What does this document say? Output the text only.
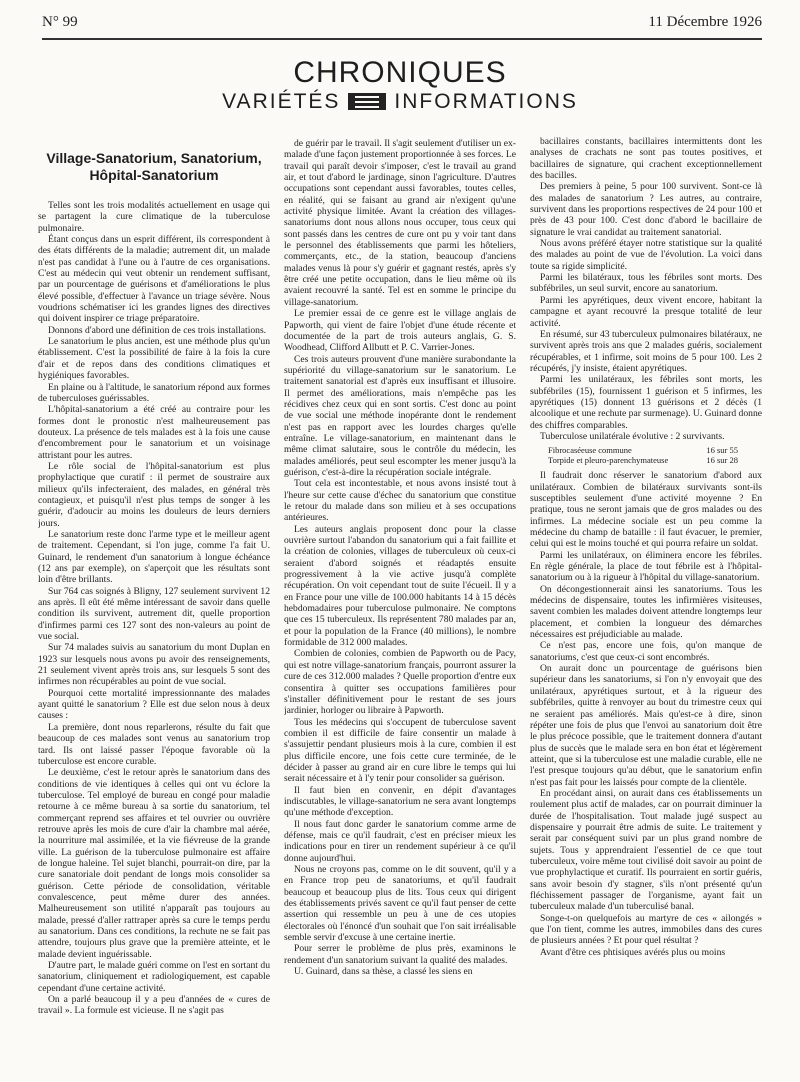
N° 99	11 Décembre 1926
CHRONIQUES
VARIÉTÉS	INFORMATIONS
Village-Sanatorium, Sanatorium,
Hôpital-Sanatorium

Telles sont les trois modalités actuellement en usage qui se partagent la cure climatique de la tuberculose pulmonaire.

Étant conçus dans un esprit différent, ils correspondent à des états différents de la maladie; autrement dit, un malade n'est pas candidat à l'une ou à l'autre de ces organisations. C'est au médecin qui veut obtenir un rendement suffisant, par un pourcentage de guérisons et d'améliorations le plus élevé possible, d'effectuer à l'avance un triage sévère. Nous voudrions schématiser ici les grandes lignes des directives qui doivent inspirer ce triage préparatoire.

Donnons d'abord une définition de ces trois installations.

Le sanatorium le plus ancien, est une méthode plus qu'un établissement. C'est la possibilité de faire à la fois la cure d'air et de repos dans des conditions climatiques et hygiéniques favorables.

En plaine ou à l'altitude, le sanatorium répond aux formes de tuberculoses guérissables.

L'hôpital-sanatorium a été créé au contraire pour les formes dont le pronostic n'est malheureusement pas douteux. La présence de tels malades est à la fois une cause d'encombrement pour le sanatorium et un voisinage attristant pour les autres.

Le rôle social de l'hôpital-sanatorium est plus prophylactique que curatif : il permet de soustraire aux milieux qu'ils infecteraient, des malades, en général très contagieux, et puisqu'il n'est plus temps de songer à les guérir, d'adoucir au moins les douleurs de leurs derniers jours.

Le sanatorium reste donc l'arme type et le meilleur agent de traitement. Cependant, si l'on juge, comme l'a fait U. Guinard, le rendement d'un sanatorium à longue échéance (12 ans par exemple), on s'aperçoit que les résultats sont loin d'être brillants.

Sur 764 cas soignés à Bligny, 127 seulement survivent 12 ans après. Il eût été même intéressant de savoir dans quelle condition ils survivent, autrement dit, quelle proportion d'infirmes parmi ces 127 sont des non-valeurs au point de vue social.

Sur 74 malades suivis au sanatorium du mont Duplan en 1923 sur lesquels nous avons pu avoir des renseignements, 21 seulement vivent après trois ans, sur lesquels 5 sont des infirmes non récupérables au point de vue social.

Pourquoi cette mortalité impressionnante des malades ayant quitté le sanatorium ? Elle est due selon nous à deux causes :

La première, dont nous reparlerons, résulte du fait que beaucoup de ces malades sont venus au sanatorium trop tard. Ils ont laissé passer l'époque favorable où la tuberculose est encore curable.

Le deuxième, c'est le retour après le sanatorium dans des conditions de vie identiques à celles qui ont vu éclore la tuberculose. Tel employé de bureau en congé pour maladie retourne à ce même bureau à sa sortie du sanatorium, tel commerçant reprend ses affaires et tel ouvrier ou ouvrière retrouve après les mois de cure d'air la chambre mal aérée, la nourriture mal assimilée, et la vie fiévreuse de la grande ville. La guérison de la tuberculose pulmonaire est affaire de longue haleine. Tel sujet blanchi, pourrait-on dire, par la cure sanatoriale doit pendant de longs mois consolider sa guérison. Cette période de consolidation, véritable convalescence, peut même durer des années. Malheureusement son utilité n'apparaît pas toujours au malade, pressé d'aller rattraper après sa cure le temps perdu au sanatorium. Dans ces conditions, la rechute ne se fait pas attendre, toujours plus grave que la première atteinte, et le malade devient inguérissable.

D'autre part, le malade guéri comme on l'est en sortant du sanatorium, cliniquement et radiologiquement, est capable cependant d'une certaine activité.

On a parlé beaucoup il y a peu d'années de « cures de travail ». La formule est vicieuse. Il ne s'agit pas

de guérir par le travail. Il s'agit seulement d'utiliser un ex-malade d'une façon justement proportionnée à ses forces. Le travail qui paraît devoir s'imposer, c'est le travail au grand air, et tout d'abord le jardinage, sinon l'agriculture. D'autres occupations sont cependant aussi favorables, toutes celles, en réalité, qui se faisant au grand air n'exigent qu'une activité physique limitée. Avant la création des villages-sanatoriums dont nous allons nous occuper, tous ceux qui sont passés dans les centres de cure ont pu y voir tant dans le personnel des établissements que parmi les hôteliers, commerçants, etc., de la station, beaucoup d'anciens malades venus là pour s'y guérir et gagnant restés, après s'y être créé une petite occupation, dans le lieu même où ils avaient recouvré la santé. Tel est en somme le principe du village-sanatorium.

Le premier essai de ce genre est le village anglais de Papworth, qui vient de faire l'objet d'une étude récente et documentée de la part de trois auteurs anglais, G. S. Woodhead, Clifford Allbutt et P. C. Varrier-Jones.

Ces trois auteurs prouvent d'une manière surabondante la supériorité du village-sanatorium sur le sanatorium. Le traitement sanatorial est d'après eux insuffisant et illusoire. Il permet des améliorations, mais n'empêche pas les récidives chez ceux qui en sont sortis. C'est donc au point de vue social une méthode inopérante dont le rendement n'est pas en rapport avec les lourdes charges qu'elle entraîne. Le village-sanatorium, en maintenant dans le même climat salutaire, sous le contrôle du médecin, les malades améliorés, peut seul escompter les mener jusqu'à la guérison, c'est-à-dire la récupération sociale intégrale.

Tout cela est incontestable, et nous avons insisté tout à l'heure sur cette cause d'échec du sanatorium que constitue le retour du malade dans son milieu et à ses occupations antérieures.

Les auteurs anglais proposent donc pour la classe ouvrière surtout l'abandon du sanatorium qui a fait faillite et la création de colonies, villages de tuberculeux où ceux-ci seraient d'abord soignés et réadaptés ensuite progressivement à la vie active jusqu'à complète récupération. On voit cependant tout de suite l'écueil. Il y a en France pour une ville de 100.000 habitants 14 à 15 décès hebdomadaires pour tuberculose pulmonaire. Ne comptons que ces 15 tuberculeux. Ils représentent 780 malades par an, et pour la population de la France (40 millions), le nombre formidable de 312 000 malades.

Combien de colonies, combien de Papworth ou de Pacy, qui est notre village-sanatorium français, pourront assurer la cure de ces 312.000 malades ? Quelle proportion d'entre eux consentira à quitter ses occupations familières pour s'installer définitivement pour le restant de ses jours jardinier, horloger ou libraire à Papworth.

Tous les médecins qui s'occupent de tuberculose savent combien il est difficile de faire consentir un malade à s'assujettir pendant plusieurs mois à la cure, combien il est plus difficile encore, une fois cette cure terminée, de le décider à passer au grand air en cure libre le temps qui lui serait nécessaire et à l'y tenir pour consolider sa guérison.

Il faut bien en convenir, en dépit d'avantages indiscutables, le village-sanatorium ne sera avant longtemps qu'une méthode d'exception.

Il nous faut donc garder le sanatorium comme arme de défense, mais ce qu'il faudrait, c'est en préciser mieux les indications pour en tirer un rendement supérieur à ce qu'il donne aujourd'hui.

Nous ne croyons pas, comme on le dit souvent, qu'il y a en France trop peu de sanatoriums, et qu'il faudrait beaucoup et beaucoup plus de lits. Tous ceux qui dirigent des établissements privés savent ce qu'il faut penser de cette assertion qui ressemble un peu à une de ces utopies électorales où l'énoncé d'un souhait que l'on sait irréalisable semble servir d'excuse à une certaine inertie.

Pour serrer le problème de plus près, examinons le rendement d'un sanatorium suivant la qualité des malades.

U. Guinard, dans sa thèse, a classé les siens en

bacillaires constants, bacillaires intermittents dont les analyses de crachats ne sont pas toutes positives, et bacillaires de signature, qui crachent exceptionnellement des bacilles.

Des premiers à peine, 5 pour 100 survivent. Sont-ce là des malades de sanatorium ? Les autres, au contraire, survivent dans les proportions respectives de 24 pour 100 et près de 43 pour 100. C'est donc d'abord le bacillaire de signature le vrai candidat au traitement sanatorial.

Nous avons préféré étayer notre statistique sur la qualité des malades au point de vue de l'évolution. La voici dans toute sa rigide simplicité.

Parmi les bilatéraux, tous les fébriles sont morts. Des subfébriles, un seul survit, encore au sanatorium.

Parmi les apyrétiques, deux vivent encore, habitant la campagne et ayant recouvré la presque totalité de leur activité.

En résumé, sur 43 tuberculeux pulmonaires bilatéraux, ne survivent après trois ans que 2 malades guéris, socialement récupérables, et 1 infirme, soit moins de 5 pour 100. Les 2 récupérés, j'y insiste, étaient apyrétiques.

Parmi les unilatéraux, les fébriles sont morts, les subfébriles (15), fournissent 1 guérison et 5 infirmes, les apyrétiques (15) donnent 13 guérisons et 2 décès (1 alcoolique et une rechute par surmenage). U. Guinard donne des chiffres comparables.

Tuberculose unilatérale évolutive : 2 survivants.

Fibrocaséeuse commune	16 sur 55
Torpide et pleuro-parenchymateuse	16 sur 28

Il faudrait donc réserver le sanatorium d'abord aux unilatéraux. Combien de bilatéraux survivants sont-ils susceptibles seulement d'une activité moyenne ? En pratique, tous ne seront jamais que de gros malades ou des infirmes. La médecine sociale est un peu comme la médecine du champ de bataille : il faut évacuer, le premier, celui qui est le moins touché et qui pourra refaire un soldat.

Parmi les unilatéraux, on éliminera encore les fébriles. En règle générale, la place de tout fébrile est à l'hôpital-sanatorium ou à la rigueur à l'hôpital du village-sanatorium.

On décongestionnerait ainsi les sanatoriums. Tous les médecins de dispensaire, toutes les infirmières visiteuses, savent combien les malades doivent attendre longtemps leur placement, et combien la longueur des démarches nécessaires est préjudiciable au malade.

Ce n'est pas, encore une fois, qu'on manque de sanatoriums, c'est que ceux-ci sont encombrés.

On aurait donc un pourcentage de guérisons bien supérieur dans les sanatoriums, si l'on n'y envoyait que des unilatéraux, apyrétiques surtout, et à la rigueur des subfébriles, quitte à renvoyer au bout du trimestre ceux qui ne seraient pas améliorés. Mais qu'est-ce à dire, sinon répéter une fois de plus que l'envoi au sanatorium doit être le plus précoce possible, que le traitement donnera d'autant plus de succès que le malade sera en bon état et légèrement atteint, que si la tuberculose est une maladie curable, elle ne l'est presque toujours qu'au début, que le sanatorium enfin n'est pas fait pour les laissés pour compte de la clientèle.

En procédant ainsi, on aurait dans ces établissements un roulement plus actif de malades, car on pourrait diminuer la durée de l'hospitalisation. Tout malade jugé suspect au dispensaire y pourrait être admis de suite. Le traitement y serait par conséquent suivi par un plus grand nombre de sujets. Tous y apprendraient l'essentiel de ce que tout tuberculeux, voire même tout civilisé doit savoir au point de vue prophylactique et curatif. Ils pourraient en sortir guéris, sans avoir besoin d'y stagner, s'ils n'ont présenté qu'un fléchissement passager de l'organisme, ayant fait un tuberculeux malade d'un tuberculisé banal.

Songe-t-on quelquefois au martyre de ces « ailongés » que l'on tient, comme les autres, immobiles dans des cures de plusieurs années ? Et pour quel résultat ?

Avant d'être ces phtisiques avérés plus ou moins
